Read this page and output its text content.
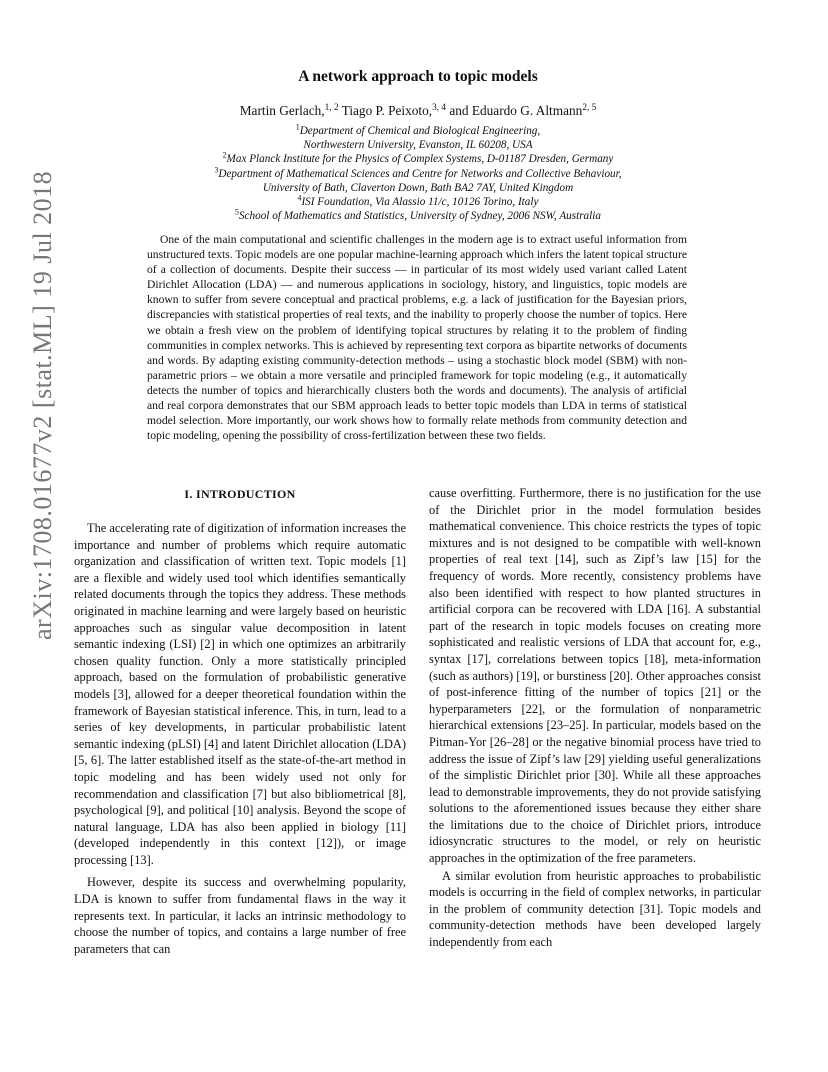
arXiv:1708.01677v2 [stat.ML] 19 Jul 2018
A network approach to topic models
Martin Gerlach,$^{1, 2}$ Tiago P. Peixoto,$^{3, 4}$ and Eduardo G. Altmann$^{2, 5}$
$^1$Department of Chemical and Biological Engineering,
Northwestern University, Evanston, IL 60208, USA
$^2$Max Planck Institute for the Physics of Complex Systems, D-01187 Dresden, Germany
$^3$Department of Mathematical Sciences and Centre for Networks and Collective Behaviour,
University of Bath, Claverton Down, Bath BA2 7AY, United Kingdom
$^4$ISI Foundation, Via Alassio 11/c, 10126 Torino, Italy
$^5$School of Mathematics and Statistics, University of Sydney, 2006 NSW, Australia

One of the main computational and scientific challenges in the modern age is to extract useful information from unstructured texts. Topic models are one popular machine-learning approach which infers the latent topical structure of a collection of documents. Despite their success — in particular of its most widely used variant called Latent Dirichlet Allocation (LDA) — and numerous applications in sociology, history, and linguistics, topic models are known to suffer from severe conceptual and practical problems, e.g. a lack of justification for the Bayesian priors, discrepancies with statistical properties of real texts, and the inability to properly choose the number of topics. Here we obtain a fresh view on the problem of identifying topical structures by relating it to the problem of finding communities in complex networks. This is achieved by representing text corpora as bipartite networks of documents and words. By adapting existing community-detection methods – using a stochastic block model (SBM) with non-parametric priors – we obtain a more versatile and principled framework for topic modeling (e.g., it automatically detects the number of topics and hierarchically clusters both the words and documents). The analysis of artificial and real corpora demonstrates that our SBM approach leads to better topic models than LDA in terms of statistical model selection. More importantly, our work shows how to formally relate methods from community detection and topic modeling, opening the possibility of cross-fertilization between these two fields.

I. INTRODUCTION

The accelerating rate of digitization of information increases the importance and number of problems which require automatic organization and classification of written text. Topic models [1] are a flexible and widely used tool which identifies semantically related documents through the topics they address. These methods originated in machine learning and were largely based on heuristic approaches such as singular value decomposition in latent semantic indexing (LSI) [2] in which one optimizes an arbitrarily chosen quality function. Only a more statistically principled approach, based on the formulation of probabilistic generative models [3], allowed for a deeper theoretical foundation within the framework of Bayesian statistical inference. This, in turn, lead to a series of key developments, in particular probabilistic latent semantic indexing (pLSI) [4] and latent Dirichlet allocation (LDA) [5, 6]. The latter established itself as the state-of-the-art method in topic modeling and has been widely used not only for recommendation and classification [7] but also bibliometrical [8], psychological [9], and political [10] analysis. Beyond the scope of natural language, LDA has also been applied in biology [11] (developed independently in this context [12]), or image processing [13].

However, despite its success and overwhelming popularity, LDA is known to suffer from fundamental flaws in the way it represents text. In particular, it lacks an intrinsic methodology to choose the number of topics, and contains a large number of free parameters that can

cause overfitting. Furthermore, there is no justification for the use of the Dirichlet prior in the model formulation besides mathematical convenience. This choice restricts the types of topic mixtures and is not designed to be compatible with well-known properties of real text [14], such as Zipf’s law [15] for the frequency of words. More recently, consistency problems have also been identified with respect to how planted structures in artificial corpora can be recovered with LDA [16]. A substantial part of the research in topic models focuses on creating more sophisticated and realistic versions of LDA that account for, e.g., syntax [17], correlations between topics [18], meta-information (such as authors) [19], or burstiness [20]. Other approaches consist of post-inference fitting of the number of topics [21] or the hyperparameters [22], or the formulation of nonparametric hierarchical extensions [23–25]. In particular, models based on the Pitman-Yor [26–28] or the negative binomial process have tried to address the issue of Zipf’s law [29] yielding useful generalizations of the simplistic Dirichlet prior [30]. While all these approaches lead to demonstrable improvements, they do not provide satisfying solutions to the aforementioned issues because they either share the limitations due to the choice of Dirichlet priors, introduce idiosyncratic structures to the model, or rely on heuristic approaches in the optimization of the free parameters.

A similar evolution from heuristic approaches to probabilistic models is occurring in the field of complex networks, in particular in the problem of community detection [31]. Topic models and community-detection methods have been developed largely independently from each
